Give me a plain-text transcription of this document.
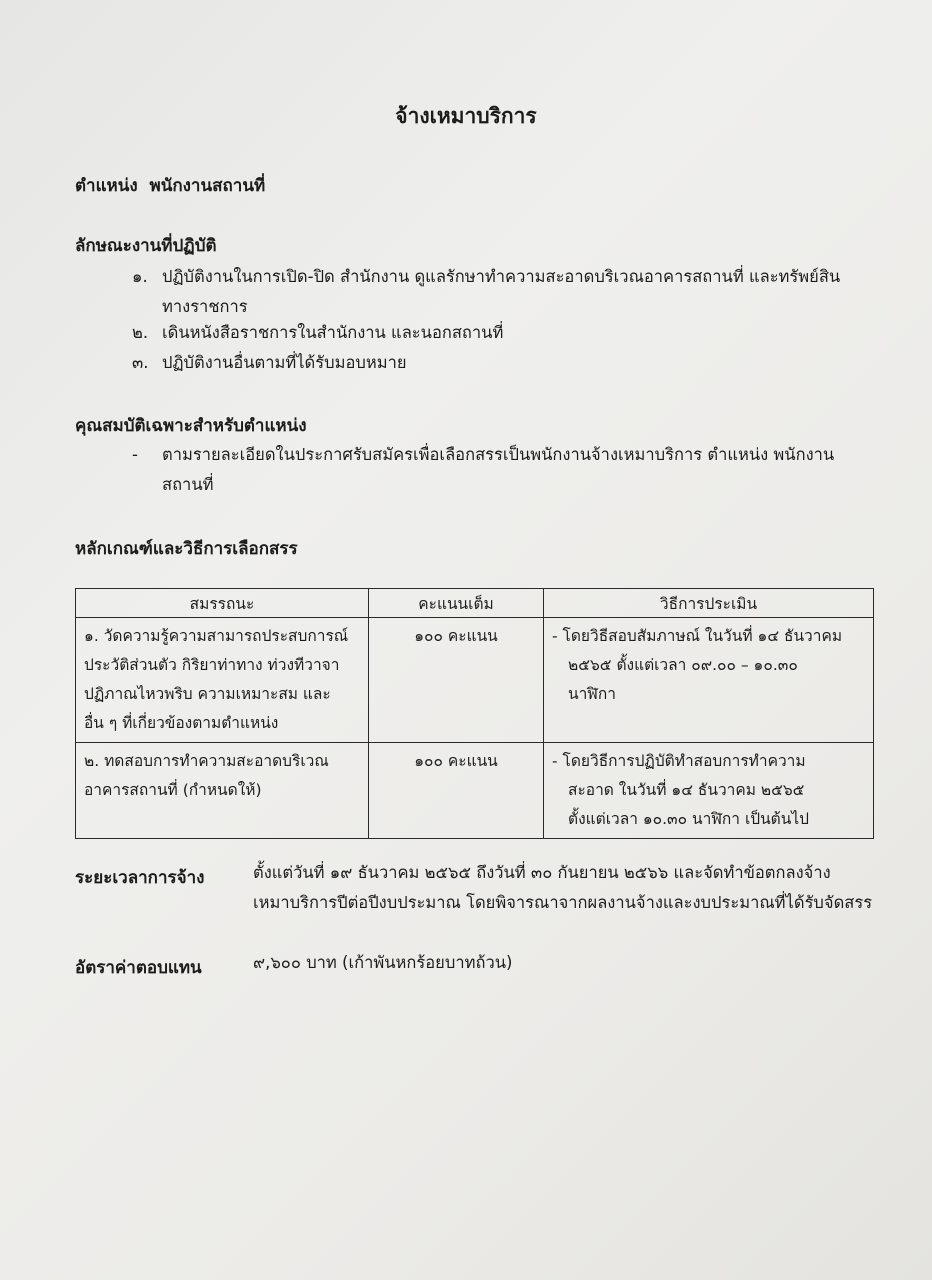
จ้างเหมาบริการ
ตำแหน่ง พนักงานสถานที่
ลักษณะงานที่ปฏิบัติ
๑. ปฏิบัติงานในการเปิด-ปิด สำนักงาน ดูแลรักษาทำความสะอาดบริเวณอาคารสถานที่ และทรัพย์สิน
ทางราชการ
๒. เดินหนังสือราชการในสำนักงาน และนอกสถานที่
๓. ปฏิบัติงานอื่นตามที่ได้รับมอบหมาย
คุณสมบัติเฉพาะสำหรับตำแหน่ง
- ตามรายละเอียดในประกาศรับสมัครเพื่อเลือกสรรเป็นพนักงานจ้างเหมาบริการ ตำแหน่ง พนักงาน
สถานที่
หลักเกณฑ์และวิธีการเลือกสรร
สมรรถนะ	คะแนนเต็ม	วิธีการประเมิน

๑. วัดความรู้ความสามารถประสบการณ์
ประวัติส่วนตัว กิริยาท่าทาง ท่วงทีวาจา
ปฏิภาณไหวพริบ ความเหมาะสม และ
อื่น ๆ ที่เกี่ยวข้องตามตำแหน่ง	๑๐๐ คะแนน	- โดยวิธีสอบสัมภาษณ์ ในวันที่ ๑๔ ธันวาคม
๒๕๖๕ ตั้งแต่เวลา ๐๙.๐๐ – ๑๐.๓๐
นาฬิกา

๒. ทดสอบการทำความสะอาดบริเวณ
อาคารสถานที่ (กำหนดให้)	๑๐๐ คะแนน	- โดยวิธีการปฏิบัติทำสอบการทำความ
สะอาด ในวันที่ ๑๔ ธันวาคม ๒๕๖๕
ตั้งแต่เวลา ๑๐.๓๐ นาฬิกา เป็นต้นไป
ระยะเวลาการจ้าง	ตั้งแต่วันที่ ๑๙ ธันวาคม ๒๕๖๕ ถึงวันที่ ๓๐ กันยายน ๒๕๖๖ และจัดทำข้อตกลงจ้าง
เหมาบริการปีต่อปีงบประมาณ โดยพิจารณาจากผลงานจ้างและงบประมาณที่ได้รับจัดสรร
อัตราค่าตอบแทน	๙,๖๐๐ บาท (เก้าพันหกร้อยบาทถ้วน)
